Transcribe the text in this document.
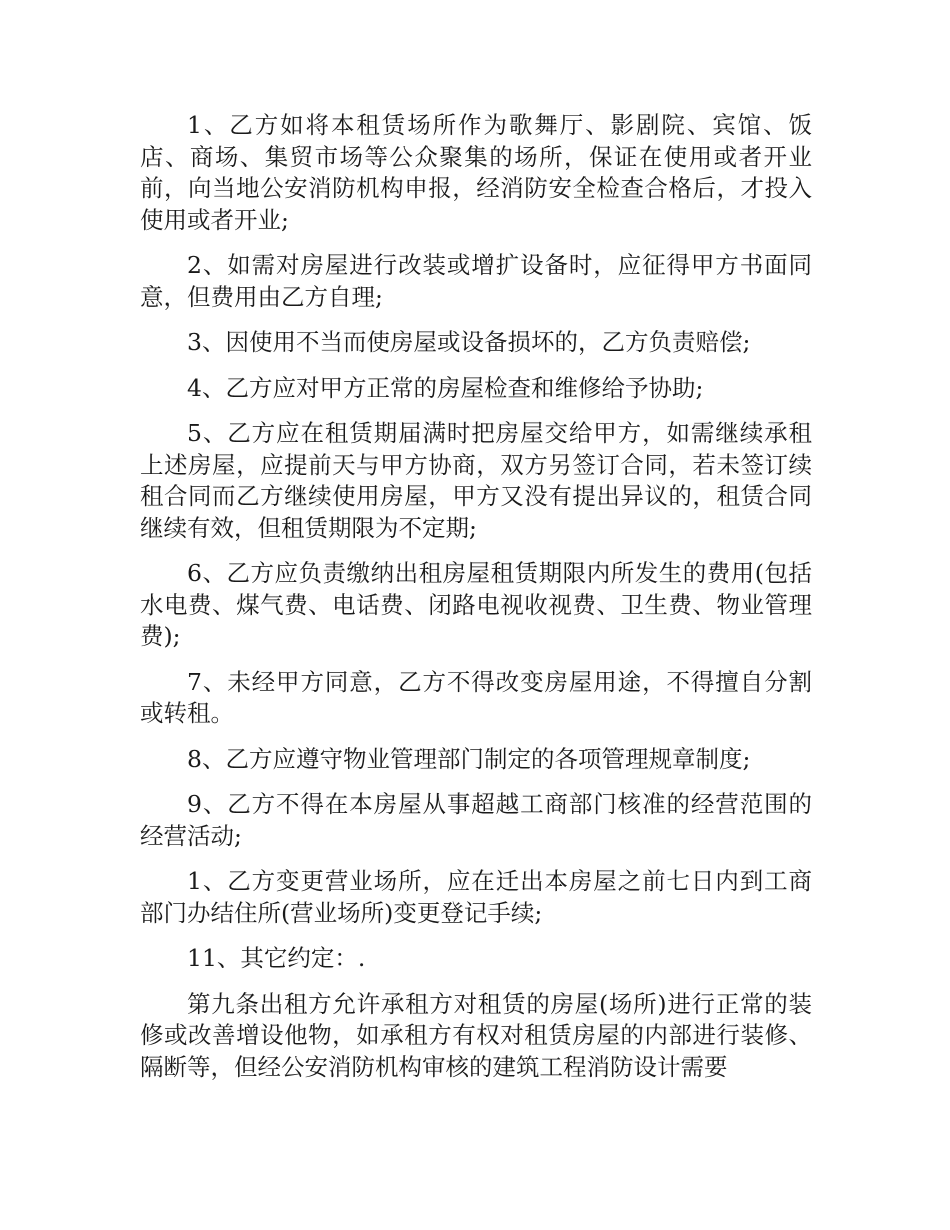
1、乙方如将本租赁场所作为歌舞厅、影剧院、宾馆、饭店、商场、集贸市场等公众聚集的场所，保证在使用或者开业前，向当地公安消防机构申报，经消防安全检查合格后，才投入使用或者开业;

2、如需对房屋进行改装或增扩设备时，应征得甲方书面同意，但费用由乙方自理;

3、因使用不当而使房屋或设备损坏的，乙方负责赔偿;

4、乙方应对甲方正常的房屋检查和维修给予协助;

5、乙方应在租赁期届满时把房屋交给甲方，如需继续承租上述房屋，应提前天与甲方协商，双方另签订合同，若未签订续租合同而乙方继续使用房屋，甲方又没有提出异议的，租赁合同继续有效，但租赁期限为不定期;

6、乙方应负责缴纳出租房屋租赁期限内所发生的费用(包括水电费、煤气费、电话费、闭路电视收视费、卫生费、物业管理费);

7、未经甲方同意，乙方不得改变房屋用途，不得擅自分割或转租。

8、乙方应遵守物业管理部门制定的各项管理规章制度;

9、乙方不得在本房屋从事超越工商部门核准的经营范围的经营活动;

1、乙方变更营业场所，应在迁出本房屋之前七日内到工商部门办结住所(营业场所)变更登记手续;

11、其它约定：.

第九条出租方允许承租方对租赁的房屋(场所)进行正常的装修或改善增设他物，如承租方有权对租赁房屋的内部进行装修、隔断等，但经公安消防机构审核的建筑工程消防设计需要
